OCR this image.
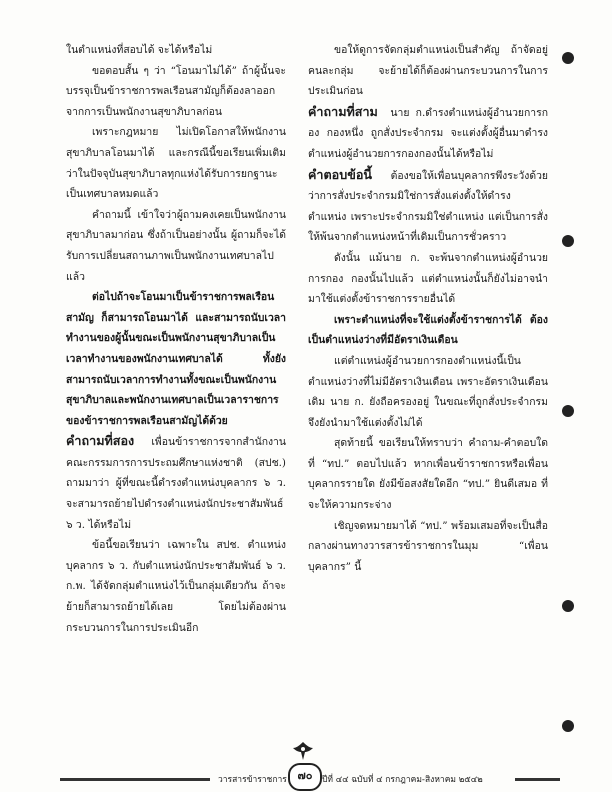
ในตำแหน่งที่สอบได้ จะได้หรือไม่

ขอตอบสั้น ๆ ว่า “โอนมาไม่ได้” ถ้าผู้นั้นจะบรรจุเป็นข้าราชการพลเรือนสามัญก็ต้องลาออกจากการเป็นพนักงานสุขาภิบาลก่อน

เพราะกฎหมาย ไม่เปิดโอกาสให้พนักงานสุขาภิบาลโอนมาได้ และกรณีนี้ขอเรียนเพิ่มเติมว่าในปัจจุบันสุขาภิบาลทุกแห่งได้รับการยกฐานะเป็นเทศบาลหมดแล้ว

คำถามนี้ เข้าใจว่าผู้ถามคงเคยเป็นพนักงานสุขาภิบาลมาก่อน ซึ่งถ้าเป็นอย่างนั้น ผู้ถามก็จะได้รับการเปลี่ยนสถานภาพเป็นพนักงานเทศบาลไปแล้ว

ต่อไปถ้าจะโอนมาเป็นข้าราชการพลเรือนสามัญ ก็สามารถโอนมาได้ และสามารถนับเวลาทำงานของผู้นั้นขณะเป็นพนักงานสุขาภิบาลเป็นเวลาทำงานของพนักงานเทศบาลได้ ทั้งยังสามารถนับเวลาการทำงานทั้งขณะเป็นพนักงานสุขาภิบาลและพนักงานเทศบาลเป็นเวลาราชการของข้าราชการพลเรือนสามัญได้ด้วย

คำถามที่สอง เพื่อนข้าราชการจากสำนักงานคณะกรรมการการประถมศึกษาแห่งชาติ (สปช.) ถามมาว่า ผู้ที่ขณะนี้ดำรงตำแหน่งบุคลากร ๖ ว. จะสามารถย้ายไปดำรงตำแหน่งนักประชาสัมพันธ์ ๖ ว. ได้หรือไม่

ข้อนี้ขอเรียนว่า เฉพาะใน สปช. ตำแหน่งบุคลากร ๖ ว. กับตำแหน่งนักประชาสัมพันธ์ ๖ ว. ก.พ. ได้จัดกลุ่มตำแหน่งไว้เป็นกลุ่มเดียวกัน ถ้าจะย้ายก็สามารถย้ายได้เลย โดยไม่ต้องผ่านกระบวนการในการประเมินอีก

ขอให้ดูการจัดกลุ่มตำแหน่งเป็นสำคัญ ถ้าจัดอยู่คนละกลุ่ม จะย้ายได้ก็ต้องผ่านกระบวนการในการประเมินก่อน

คำถามที่สาม นาย ก.ดำรงตำแหน่งผู้อำนวยการกอง กองหนึ่ง ถูกสั่งประจำกรม จะแต่งตั้งผู้อื่นมาดำรงตำแหน่งผู้อำนวยการกองกองนั้นได้หรือไม่

คำตอบข้อนี้ ต้องขอให้เพื่อนบุคลากรพึงระวังด้วยว่าการสั่งประจำกรมมิใช่การสั่งแต่งตั้งให้ดำรงตำแหน่ง เพราะประจำกรมมิใช่ตำแหน่ง แต่เป็นการสั่งให้พ้นจากตำแหน่งหน้าที่เดิมเป็นการชั่วคราว

ดังนั้น แม้นาย ก. จะพ้นจากตำแหน่งผู้อำนวยการกอง กองนั้นไปแล้ว แต่ตำแหน่งนั้นก็ยังไม่อาจนำมาใช้แต่งตั้งข้าราชการรายอื่นได้

เพราะตำแหน่งที่จะใช้แต่งตั้งข้าราชการได้ ต้องเป็นตำแหน่งว่างที่มีอัตราเงินเดือน

แต่ตำแหน่งผู้อำนวยการกองตำแหน่งนี้เป็นตำแหน่งว่างที่ไม่มีอัตราเงินเดือน เพราะอัตราเงินเดือนเดิม นาย ก. ยังถือครองอยู่ ในขณะที่ถูกสั่งประจำกรม จึงยังนำมาใช้แต่งตั้งไม่ได้

สุดท้ายนี้ ขอเรียนให้ทราบว่า คำถาม-คำตอบใดที่ “ทป.” ตอบไปแล้ว หากเพื่อนข้าราชการหรือเพื่อนบุคลากรรายใด ยังมีข้อสงสัยใดอีก “ทป.” ยินดีเสมอ ที่จะให้ความกระจ่าง

เชิญจดหมายมาได้ “ทป.” พร้อมเสมอที่จะเป็นสื่อกลางผ่านทางวารสารข้าราชการในมุม “เพื่อนบุคลากร” นี้

วารสารข้าราชการ ๗๐	ปีที่ ๔๔ ฉบับที่ ๔ กรกฎาคม-สิงหาคม ๒๕๔๒
